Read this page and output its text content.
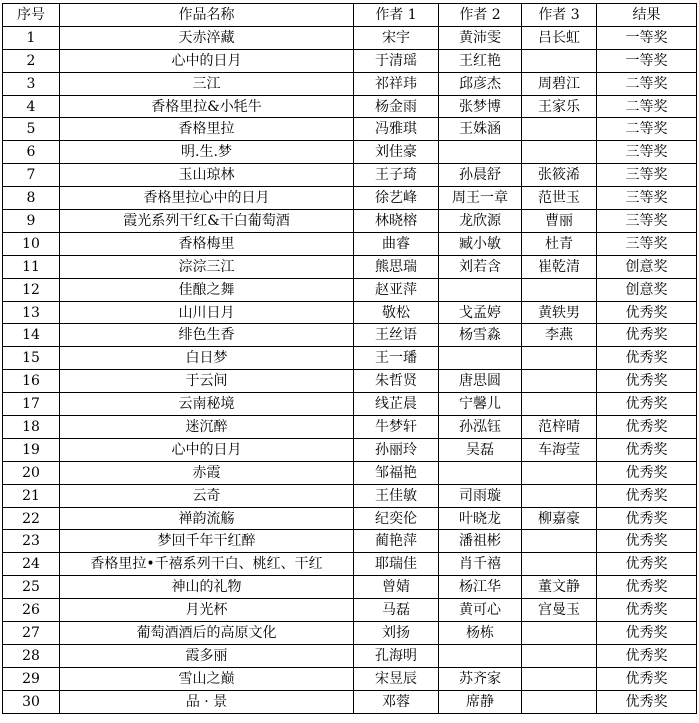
序号	作品名称	作者 1	作者 2	作者 3	结果
1	天赤淬藏	宋宇	黄沛雯	吕长虹	一等奖
2	心中的日月	于清瑶	王红艳		一等奖
3	三江	祁祥玮	邱彦杰	周碧江	二等奖
4	香格里拉&小牦牛	杨金雨	张梦博	王家乐	二等奖
5	香格里拉	冯雅琪	王姝涵		二等奖
6	明.生.梦	刘佳豪			三等奖
7	玉山琼林	王子琦	孙晨舒	张筱浠	三等奖
8	香格里拉心中的日月	徐艺峰	周王一章	范世玉	三等奖
9	霞光系列干红&干白葡萄酒	林晓榕	龙欣源	曹丽	三等奖
10	香格梅里	曲睿	臧小敏	杜青	三等奖
11	淙淙三江	熊思瑞	刘若含	崔乾清	创意奖
12	佳酿之舞	赵亚萍			创意奖
13	山川日月	敬松	戈孟婷	黄轶男	优秀奖
14	绯色生香	王丝语	杨雪淼	李燕	优秀奖
15	白日梦	王一璠			优秀奖
16	于云间	朱哲贤	唐思圆		优秀奖
17	云南秘境	线芷晨	宁馨儿		优秀奖
18	迷沉醉	牛梦轩	孙泓钰	范梓晴	优秀奖
19	心中的日月	孙丽玲	吴磊	车海莹	优秀奖
20	赤霞	邹福艳			优秀奖
21	云奇	王佳敏	司雨璇		优秀奖
22	禅韵流觞	纪奕伦	叶晓龙	柳嘉豪	优秀奖
23	梦回千年干红醉	蔺艳萍	潘祖彬		优秀奖
24	香格里拉•千禧系列干白、桃红、干红	耶瑞佳	肖千禧		优秀奖
25	神山的礼物	曾婧	杨江华	董文静	优秀奖
26	月光杯	马磊	黄可心	宫曼玉	优秀奖
27	葡萄酒酒后的高原文化	刘扬	杨栋		优秀奖
28	霞多丽	孔海明			优秀奖
29	雪山之巅	宋昱辰	苏齐家		优秀奖
30	品 · 景	邓蓉	席静		优秀奖
